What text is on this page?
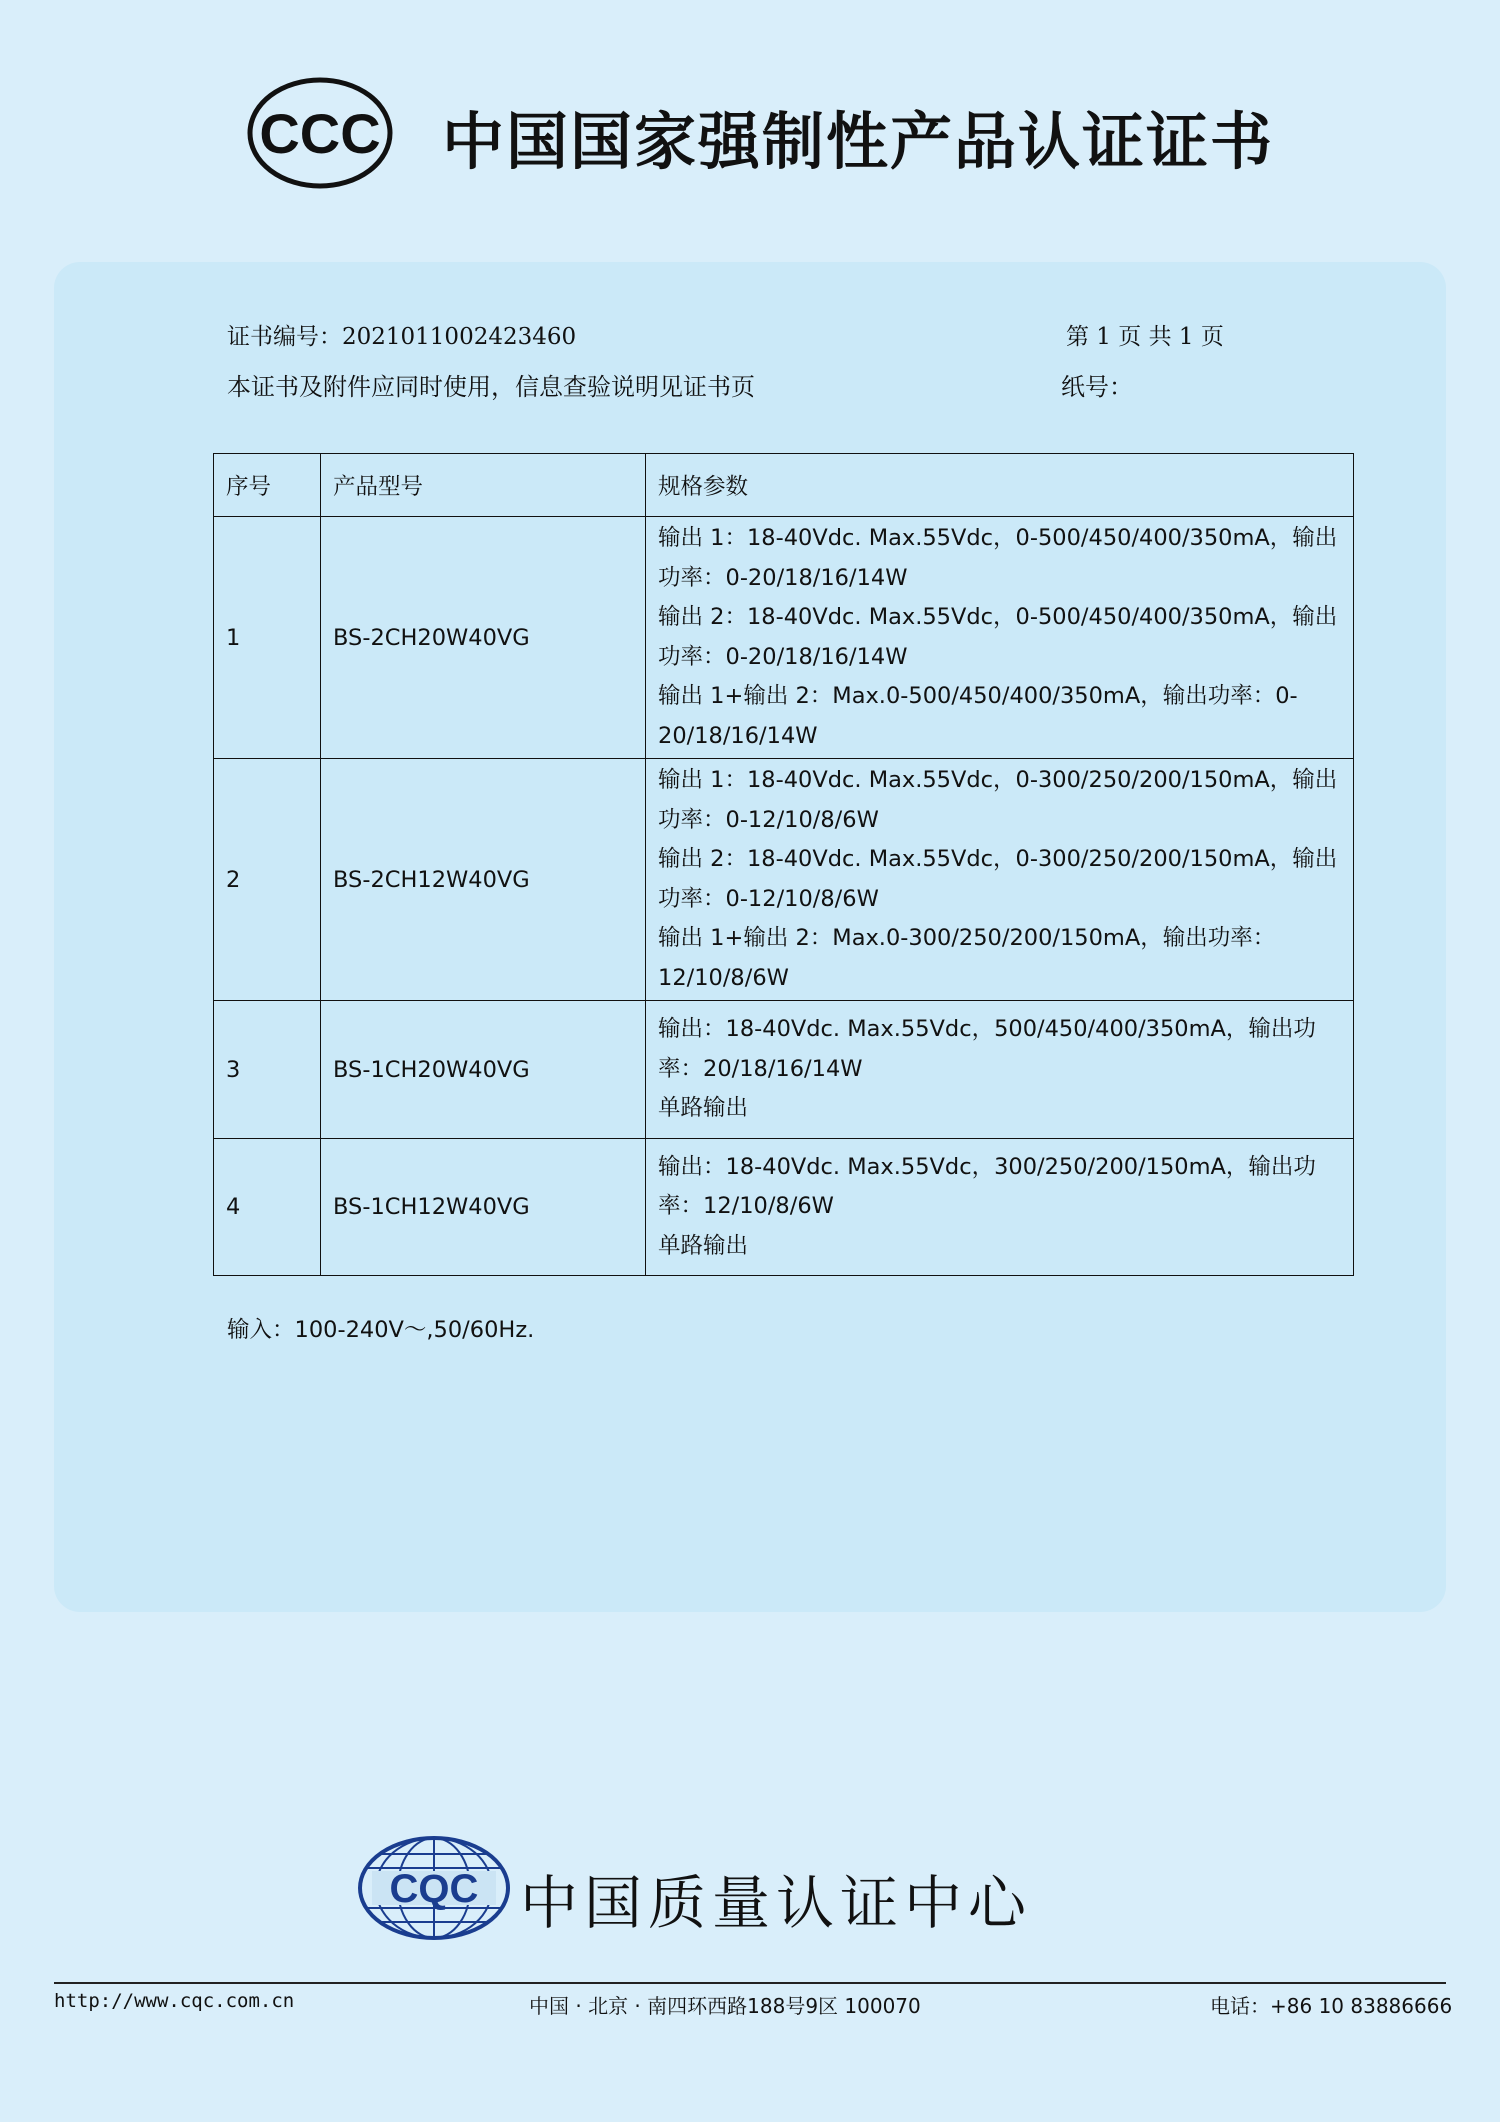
CCC 中国国家强制性产品认证证书
证书编号：2021011002423460	第 1 页 共 1 页
本证书及附件应同时使用，信息查验说明见证书页	纸号：
序号	产品型号	规格参数
1	BS-2CH20W40VG	输出 1：18-40Vdc. Max.55Vdc，0-500/450/400/350mA，输出功率：0-20/18/16/14W
输出 2：18-40Vdc. Max.55Vdc，0-500/450/400/350mA，输出功率：0-20/18/16/14W
输出 1+输出 2：Max.0-500/450/400/350mA，输出功率：0-20/18/16/14W
2	BS-2CH12W40VG	输出 1：18-40Vdc. Max.55Vdc，0-300/250/200/150mA，输出功率：0-12/10/8/6W
输出 2：18-40Vdc. Max.55Vdc，0-300/250/200/150mA，输出功率：0-12/10/8/6W
输出 1+输出 2：Max.0-300/250/200/150mA，输出功率：12/10/8/6W
3	BS-1CH20W40VG	输出：18-40Vdc. Max.55Vdc，500/450/400/350mA，输出功率：20/18/16/14W
单路输出
4	BS-1CH12W40VG	输出：18-40Vdc. Max.55Vdc，300/250/200/150mA，输出功率：12/10/8/6W
单路输出
输入：100-240V～,50/60Hz.
CQC 中国质量认证中心
http://www.cqc.com.cn	中国 · 北京 · 南四环西路188号9区 100070	电话：+86 10 83886666
